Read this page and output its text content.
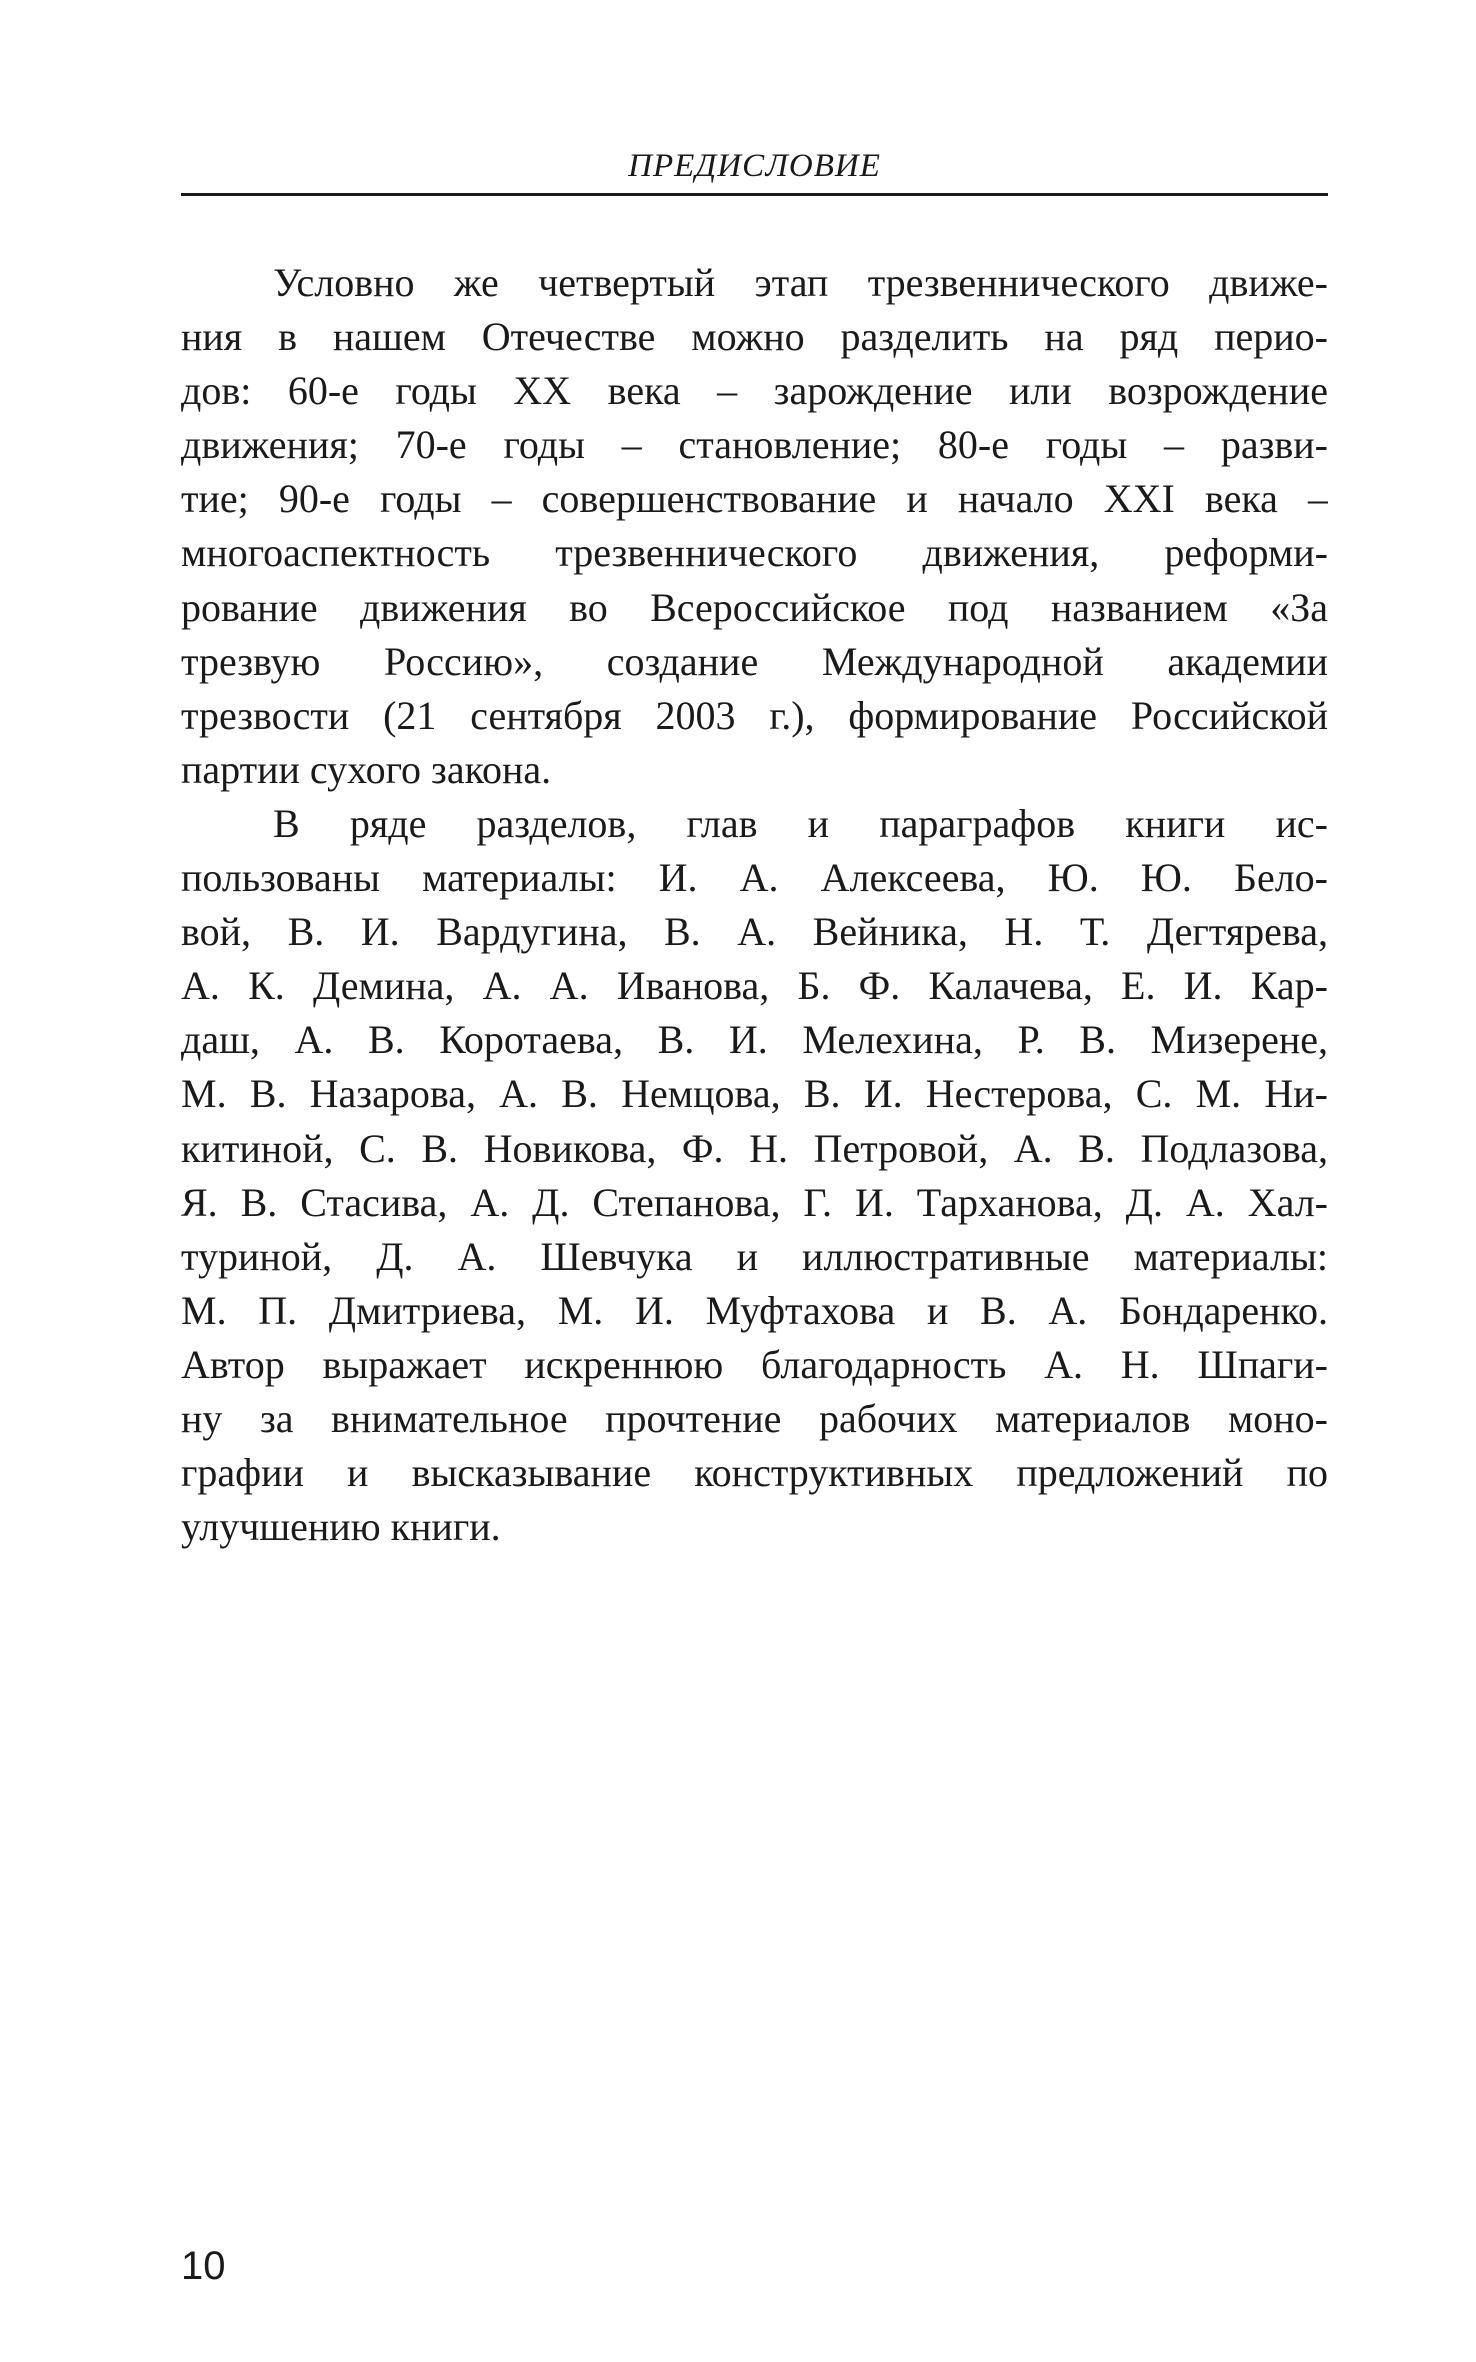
ПРЕДИСЛОВИЕ

Условно же четвертый этап трезвеннического движе-
ния в нашем Отечестве можно разделить на ряд перио-
дов: 60-е годы XX века – зарождение или возрождение
движения; 70-е годы – становление; 80-е годы – разви-
тие; 90-е годы – совершенствование и начало XXI века –
многоаспектность трезвеннического движения, реформи-
рование движения во Всероссийское под названием «За
трезвую Россию», создание Международной академии
трезвости (21 сентября 2003 г.), формирование Российской
партии сухого закона.

В ряде разделов, глав и параграфов книги ис-
пользованы материалы: И. А. Алексеева, Ю. Ю. Бело-
вой, В. И. Вардугина, В. А. Вейника, Н. Т. Дегтярева,
А. К. Демина, А. А. Иванова, Б. Ф. Калачева, Е. И. Кар-
даш, А. В. Коротаева, В. И. Мелехина, Р. В. Мизерене,
М. В. Назарова, А. В. Немцова, В. И. Нестерова, С. М. Ни-
китиной, С. В. Новикова, Ф. Н. Петровой, А. В. Подлазова,
Я. В. Стасива, А. Д. Степанова, Г. И. Тарханова, Д. А. Хал-
туриной, Д. А. Шевчука и иллюстративные материалы:
М. П. Дмитриева, М. И. Муфтахова и В. А. Бондаренко.
Автор выражает искреннюю благодарность А. Н. Шпаги-
ну за внимательное прочтение рабочих материалов моно-
графии и высказывание конструктивных предложений по
улучшению книги.

10
